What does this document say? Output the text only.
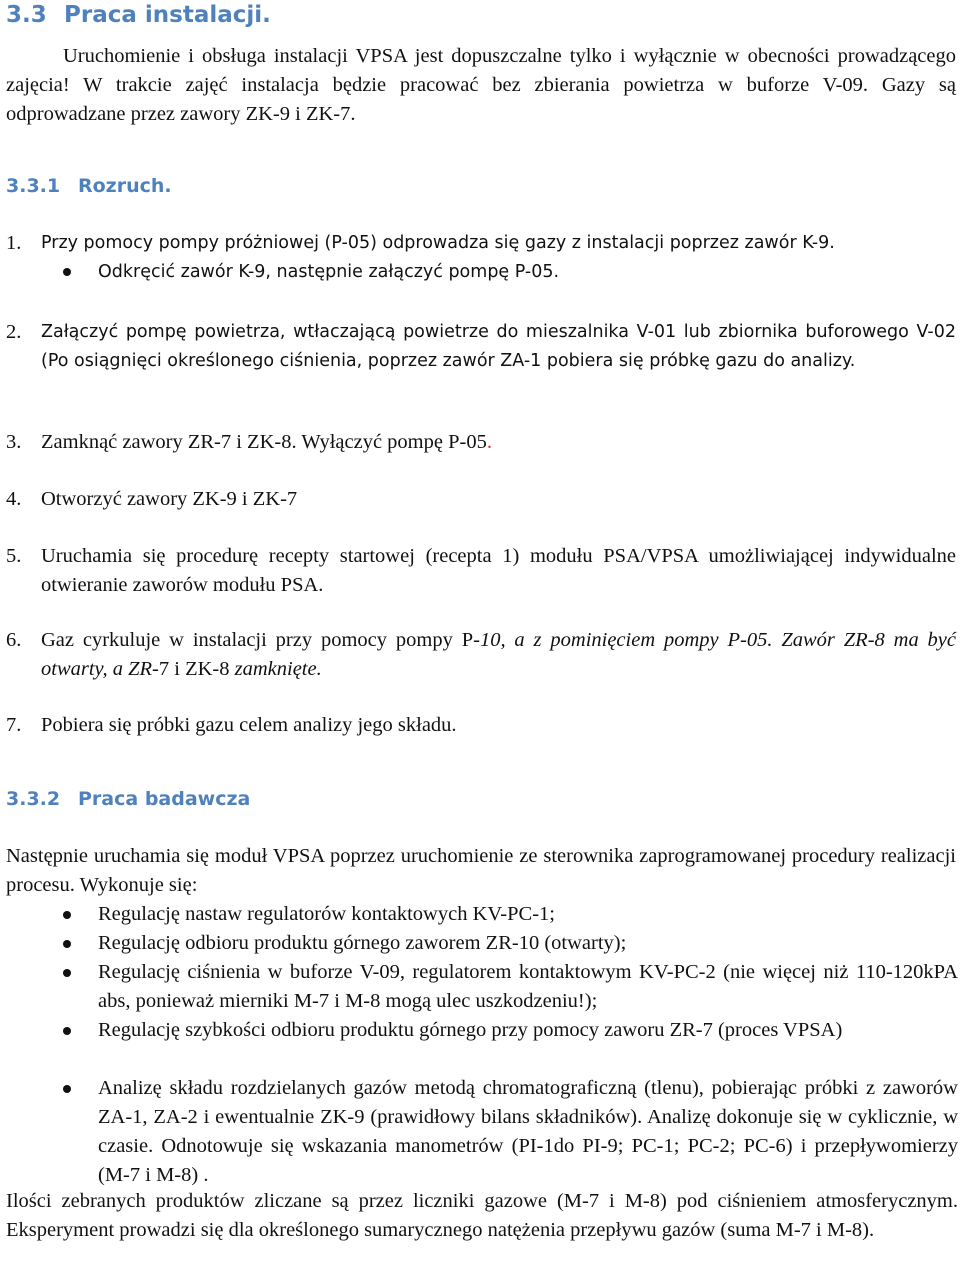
3.3 Praca instalacji.
Uruchomienie i obsługa instalacji VPSA jest dopuszczalne tylko i wyłącznie w obecności prowadzącego zajęcia! W trakcie zajęć instalacja będzie pracować bez zbierania powietrza w buforze V-09. Gazy są odprowadzane przez zawory ZK-9 i ZK-7.
3.3.1 Rozruch.
1. Przy pomocy pompy próżniowej (P-05) odprowadza się gazy z instalacji poprzez zawór K-9.
Odkręcić zawór K-9, następnie załączyć pompę P-05.
2. Załączyć pompę powietrza, wtłaczającą powietrze do mieszalnika V-01 lub zbiornika buforowego V-02 (Po osiągnięci określonego ciśnienia, poprzez zawór ZA-1 pobiera się próbkę gazu do analizy.
3. Zamknąć zawory ZR-7 i ZK-8. Wyłączyć pompę P-05.
4. Otworzyć zawory ZK-9 i ZK-7
5. Uruchamia się procedurę recepty startowej (recepta 1) modułu PSA/VPSA umożliwiającej indywidualne otwieranie zaworów modułu PSA.
6. Gaz cyrkuluje w instalacji przy pomocy pompy P-10, a z pominięciem pompy P-05. Zawór ZR-8 ma być otwarty, a ZR-7 i ZK-8 zamknięte.
7. Pobiera się próbki gazu celem analizy jego składu.
3.3.2 Praca badawcza
Następnie uruchamia się moduł VPSA poprzez uruchomienie ze sterownika zaprogramowanej procedury realizacji procesu. Wykonuje się:
Regulację nastaw regulatorów kontaktowych KV-PC-1;
Regulację odbioru produktu górnego zaworem ZR-10 (otwarty);
Regulację ciśnienia w buforze V-09, regulatorem kontaktowym KV-PC-2 (nie więcej niż 110-120kPA abs, ponieważ mierniki M-7 i M-8 mogą ulec uszkodzeniu!);
Regulację szybkości odbioru produktu górnego przy pomocy zaworu ZR-7 (proces VPSA)
Analizę składu rozdzielanych gazów metodą chromatograficzną (tlenu), pobierając próbki z zaworów ZA-1, ZA-2 i ewentualnie ZK-9 (prawidłowy bilans składników). Analizę dokonuje się w cyklicznie, w czasie. Odnotowuje się wskazania manometrów (PI-1do PI-9; PC-1; PC-2; PC-6) i przepływomierzy (M-7 i M-8) .
Ilości zebranych produktów zliczane są przez liczniki gazowe (M-7 i M-8) pod ciśnieniem atmosferycznym. Eksperyment prowadzi się dla określonego sumarycznego natężenia przepływu gazów (suma M-7 i M-8).
